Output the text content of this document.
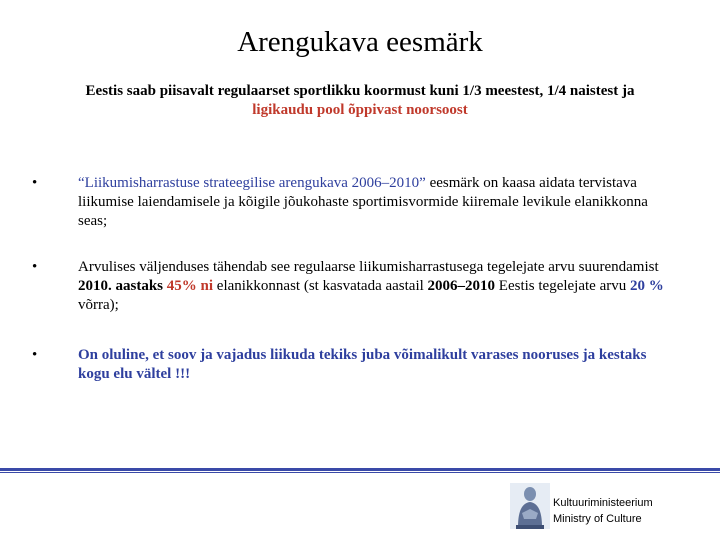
Arengukava eesmärk
Eestis saab piisavalt regulaarset sportlikku koormust kuni 1/3 meestest, 1/4 naistest ja
ligikaudu pool õppivast noorsoost
•	“Liikumisharrastuse strateegilise arengukava 2006–2010” eesmärk on kaasa aidata tervistava liikumise laiendamisele ja kõigile jõukohaste sportimisvormide kiiremale levikule elanikkonna seas;
•	Arvulises väljenduses tähendab see regulaarse liikumisharrastusega tegelejate arvu suurendamist 2010. aastaks 45% ni elanikkonnast (st kasvatada aastail 2006–2010 Eestis tegelejate arvu 20 % võrra);
•	On oluline, et soov ja vajadus liikuda tekiks juba võimalikult varases nooruses ja kestaks kogu elu vältel !!!
Kultuuriministeerium
Ministry of Culture
